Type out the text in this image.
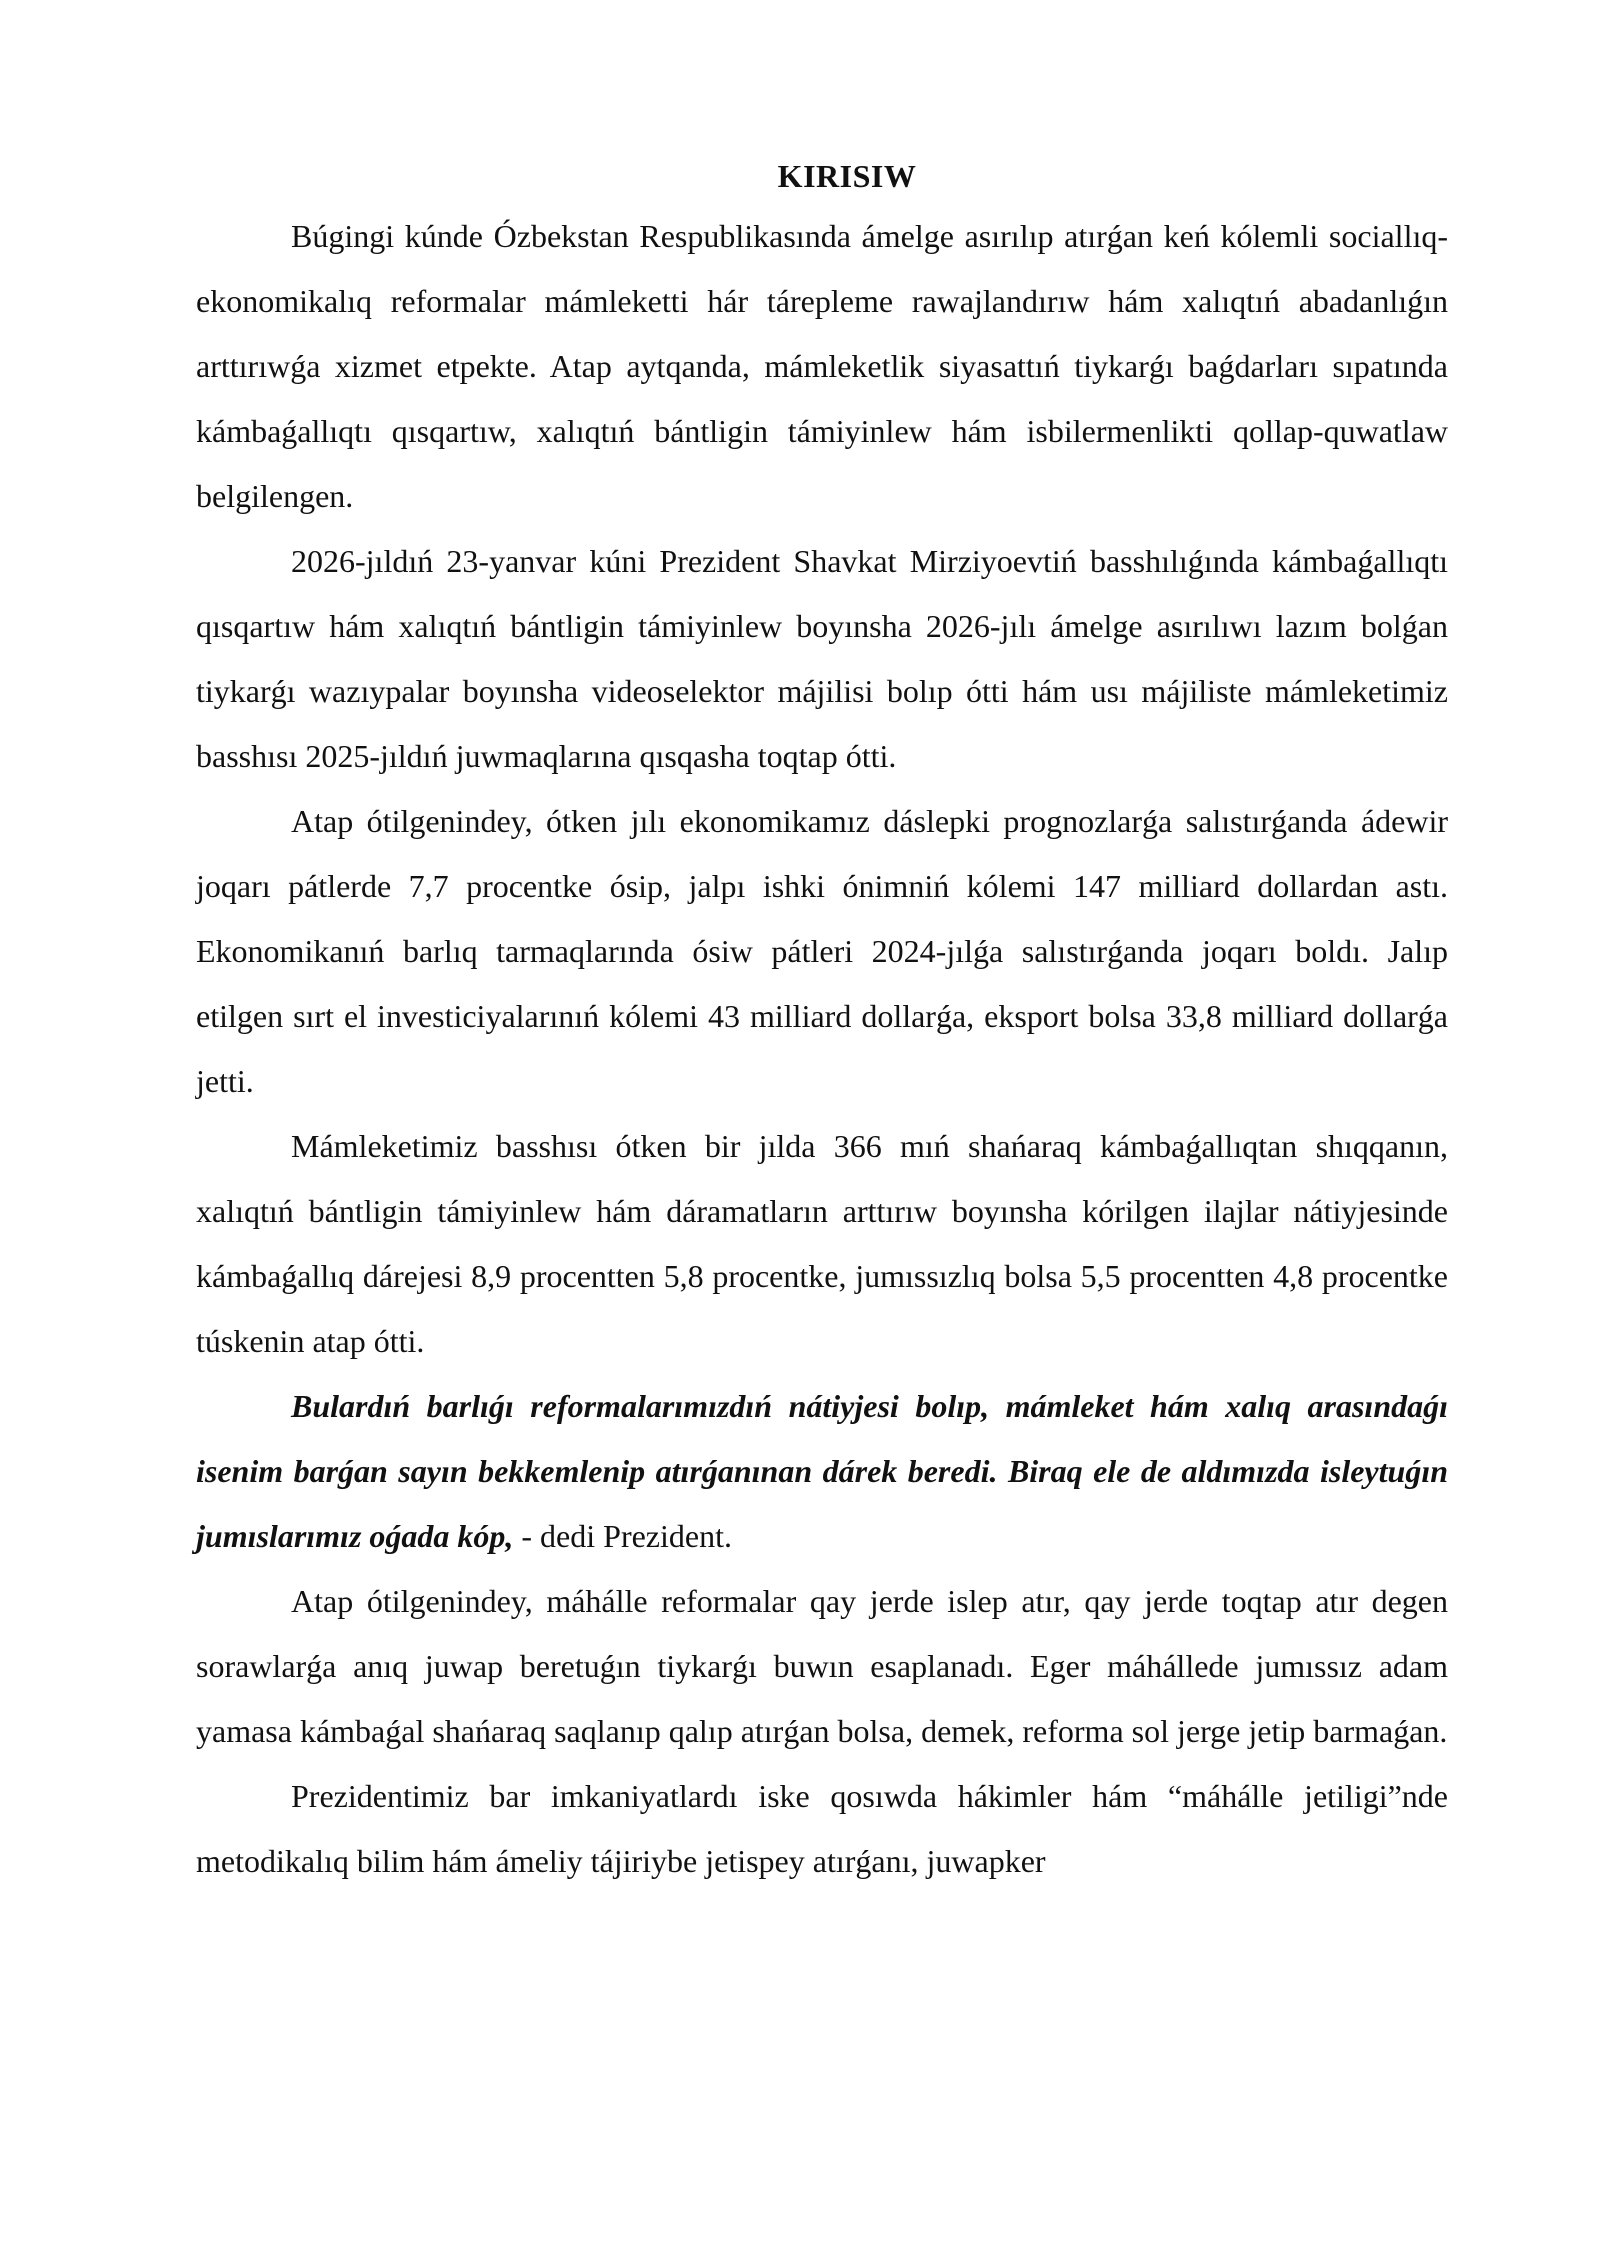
KIRISIW

Búgingi kúnde Ózbekstan Respublikasında ámelge asırılıp atırǵan keń kólemli sociallıq-ekonomikalıq reformalar mámleketti hár tárepleme rawajlandırıw hám xalıqtıń abadanlıǵın arttırıwǵa xizmet etpekte. Atap aytqanda, mámleketlik siyasattıń tiykarǵı baǵdarları sıpatında kámbaǵallıqtı qısqartıw, xalıqtıń bántligin támiyinlew hám isbilermenlikti qollap-quwatlaw belgilengen.

2026-jıldıń 23-yanvar kúni Prezident Shavkat Mirziyoevtiń basshılıǵında kámbaǵallıqtı qısqartıw hám xalıqtıń bántligin támiyinlew boyınsha 2026-jılı ámelge asırılıwı lazım bolǵan tiykarǵı wazıypalar boyınsha videoselektor májilisi bolıp ótti hám usı májiliste mámleketimiz basshısı 2025-jıldıń juwmaqlarına qısqasha toqtap ótti.

Atap ótilgenindey, ótken jılı ekonomikamız dáslepki prognozlarǵa salıstırǵanda ádewir joqarı pátlerde 7,7 procentke ósip, jalpı ishki ónimniń kólemi 147 milliard dollardan astı. Ekonomikanıń barlıq tarmaqlarında ósiw pátleri 2024-jılǵa salıstırǵanda joqarı boldı. Jalıp etilgen sırt el investiciyalarınıń kólemi 43 milliard dollarǵa, eksport bolsa 33,8 milliard dollarǵa jetti.

Mámleketimiz basshısı ótken bir jılda 366 mıń shańaraq kámbaǵallıqtan shıqqanın, xalıqtıń bántligin támiyinlew hám dáramatların arttırıw boyınsha kórilgen ilajlar nátiyjesinde kámbaǵallıq dárejesi 8,9 procentten 5,8 procentke, jumıssızlıq bolsa 5,5 procentten 4,8 procentke túskenin atap ótti.

Bulardıń barlıǵı reformalarımızdıń nátiyjesi bolıp, mámleket hám xalıq arasındaǵı isenim barǵan sayın bekkemlenip atırǵanınan dárek beredi. Biraq ele de aldımızda isleytuǵın jumıslarımız oǵada kóp, - dedi Prezident.

Atap ótilgenindey, máhálle reformalar qay jerde islep atır, qay jerde toqtap atır degen sorawlarǵa anıq juwap beretuǵın tiykarǵı buwın esaplanadı. Eger máhállede jumıssız adam yamasa kámbaǵal shańaraq saqlanıp qalıp atırǵan bolsa, demek, reforma sol jerge jetip barmaǵan.

Prezidentimiz bar imkaniyatlardı iske qosıwda hákimler hám “máhálle jetiligi”nde metodikalıq bilim hám ámeliy tájiriybe jetispey atırǵanı, juwapker
